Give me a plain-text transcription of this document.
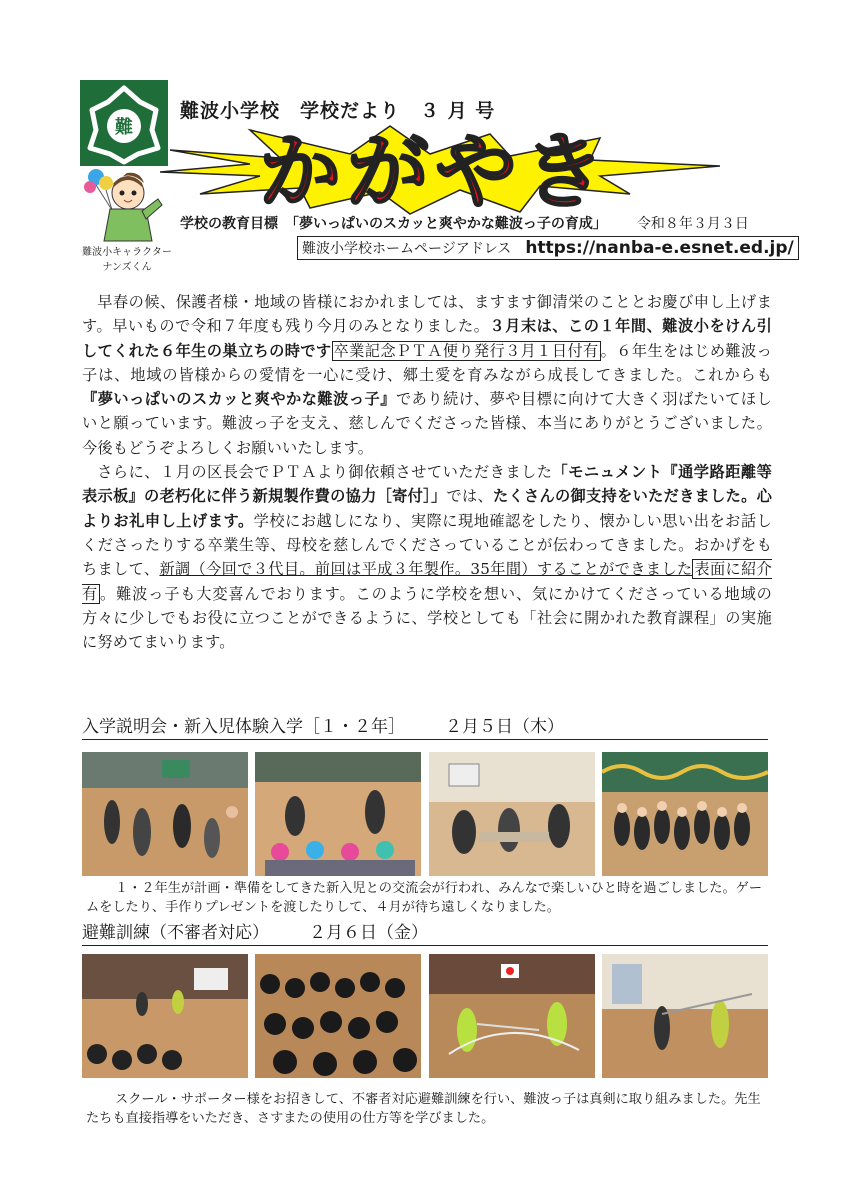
難
難波小学校　学校だより　３ 月 号
かがやき
難波小キャラクター
ナンズくん
学校の教育目標　「夢いっぱいのスカッと爽やかな難波っ子の育成」 令和８年３月３日
難波小学校ホームページアドレス https://nanba-e.esnet.ed.jp/

早春の候、保護者様・地域の皆様におかれましては、ますます御清栄のこととお慶び申し上げます。早いもので令和７年度も残り今月のみとなりました。３月末は、この１年間、難波小をけん引してくれた６年生の巣立ちの時です 卒業記念ＰＴＡ便り発行３月１日付有 。６年生をはじめ難波っ子は、地域の皆様からの愛情を一心に受け、郷土愛を育みながら成長してきました。これからも『夢いっぱいのスカッと爽やかな難波っ子』であり続け、夢や目標に向けて大きく羽ばたいてほしいと願っています。難波っ子を支え、慈しんでくださった皆様、本当にありがとうございました。今後もどうぞよろしくお願いいたします。

さらに、１月の区長会でＰＴＡより御依頼させていただきました「モニュメント『通学路距離等表示板』の老朽化に伴う新規製作費の協力［寄付］」では、たくさんの御支持をいただきました。心よりお礼申し上げます。学校にお越しになり、実際に現地確認をしたり、懐かしい思い出をお話しくださったりする卒業生等、母校を慈しんでくださっていることが伝わってきました。おかげをもちまして、新調（今回で３代目。前回は平成３年製作。35年間）することができました 表面に紹介有 。難波っ子も大変喜んでおります。このように学校を想い、気にかけてくださっている地域の方々に少しでもお役に立つことができるように、学校としても「社会に開かれた教育課程」の実施に努めてまいります。

入学説明会・新入児体験入学［１・２年］ ２月５日（木）
１・２年生が計画・準備をしてきた新入児との交流会が行われ、みんなで楽しいひと時を過ごしました。ゲームをしたり、手作りプレゼントを渡したりして、４月が待ち遠しくなりました。
避難訓練（不審者対応） ２月６日（金）
スクール・サポーター様をお招きして、不審者対応避難訓練を行い、難波っ子は真剣に取り組みました。先生たちも直接指導をいただき、さすまたの使用の仕方等を学びました。
